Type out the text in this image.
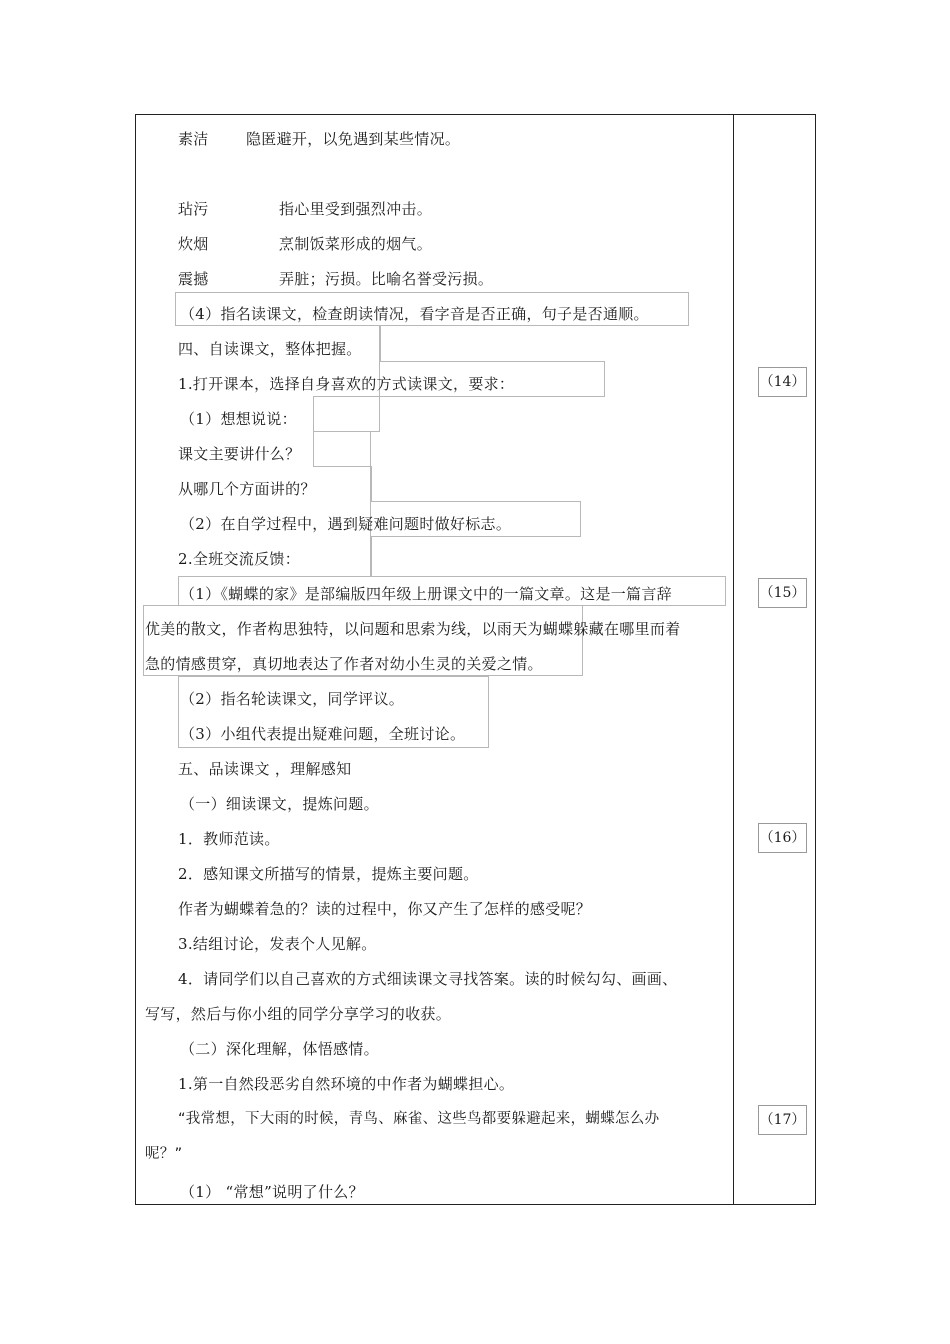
素洁 隐匿避开，以免遇到某些情况。
玷污	指心里受到强烈冲击。
炊烟	烹制饭菜形成的烟气。
震撼	弄脏；污损。比喻名誉受污损。
（4）指名读课文，检查朗读情况，看字音是否正确，句子是否通顺。
四、自读课文，整体把握。
1.打开课本，选择自身喜欢的方式读课文，要求：
（1）想想说说：
课文主要讲什么？
从哪几个方面讲的？
（2）在自学过程中，遇到疑难问题时做好标志。
2.全班交流反馈：
（1）《蝴蝶的家》是部编版四年级上册课文中的一篇文章。这是一篇言辞
优美的散文，作者构思独特，以问题和思索为线，以雨天为蝴蝶躲藏在哪里而着
急的情感贯穿，真切地表达了作者对幼小生灵的关爱之情。
（2）指名轮读课文，同学评议。
（3）小组代表提出疑难问题，全班讨论。
五、品读课文 ，理解感知
（一）细读课文，提炼问题。
1．教师范读。
2．感知课文所描写的情景，提炼主要问题。
作者为蝴蝶着急的？读的过程中，你又产生了怎样的感受呢？
3.结组讨论，发表个人见解。
4．请同学们以自己喜欢的方式细读课文寻找答案。读的时候勾勾、画画、
写写，然后与你小组的同学分享学习的收获。
（二）深化理解，体悟感情。
1.第一自然段恶劣自然环境的中作者为蝴蝶担心。
“我常想，下大雨的时候，青鸟、麻雀、这些鸟都要躲避起来，蝴蝶怎么办
呢？”
（1） “常想”说明了什么？
（14）
（15）
（16）
（17）
